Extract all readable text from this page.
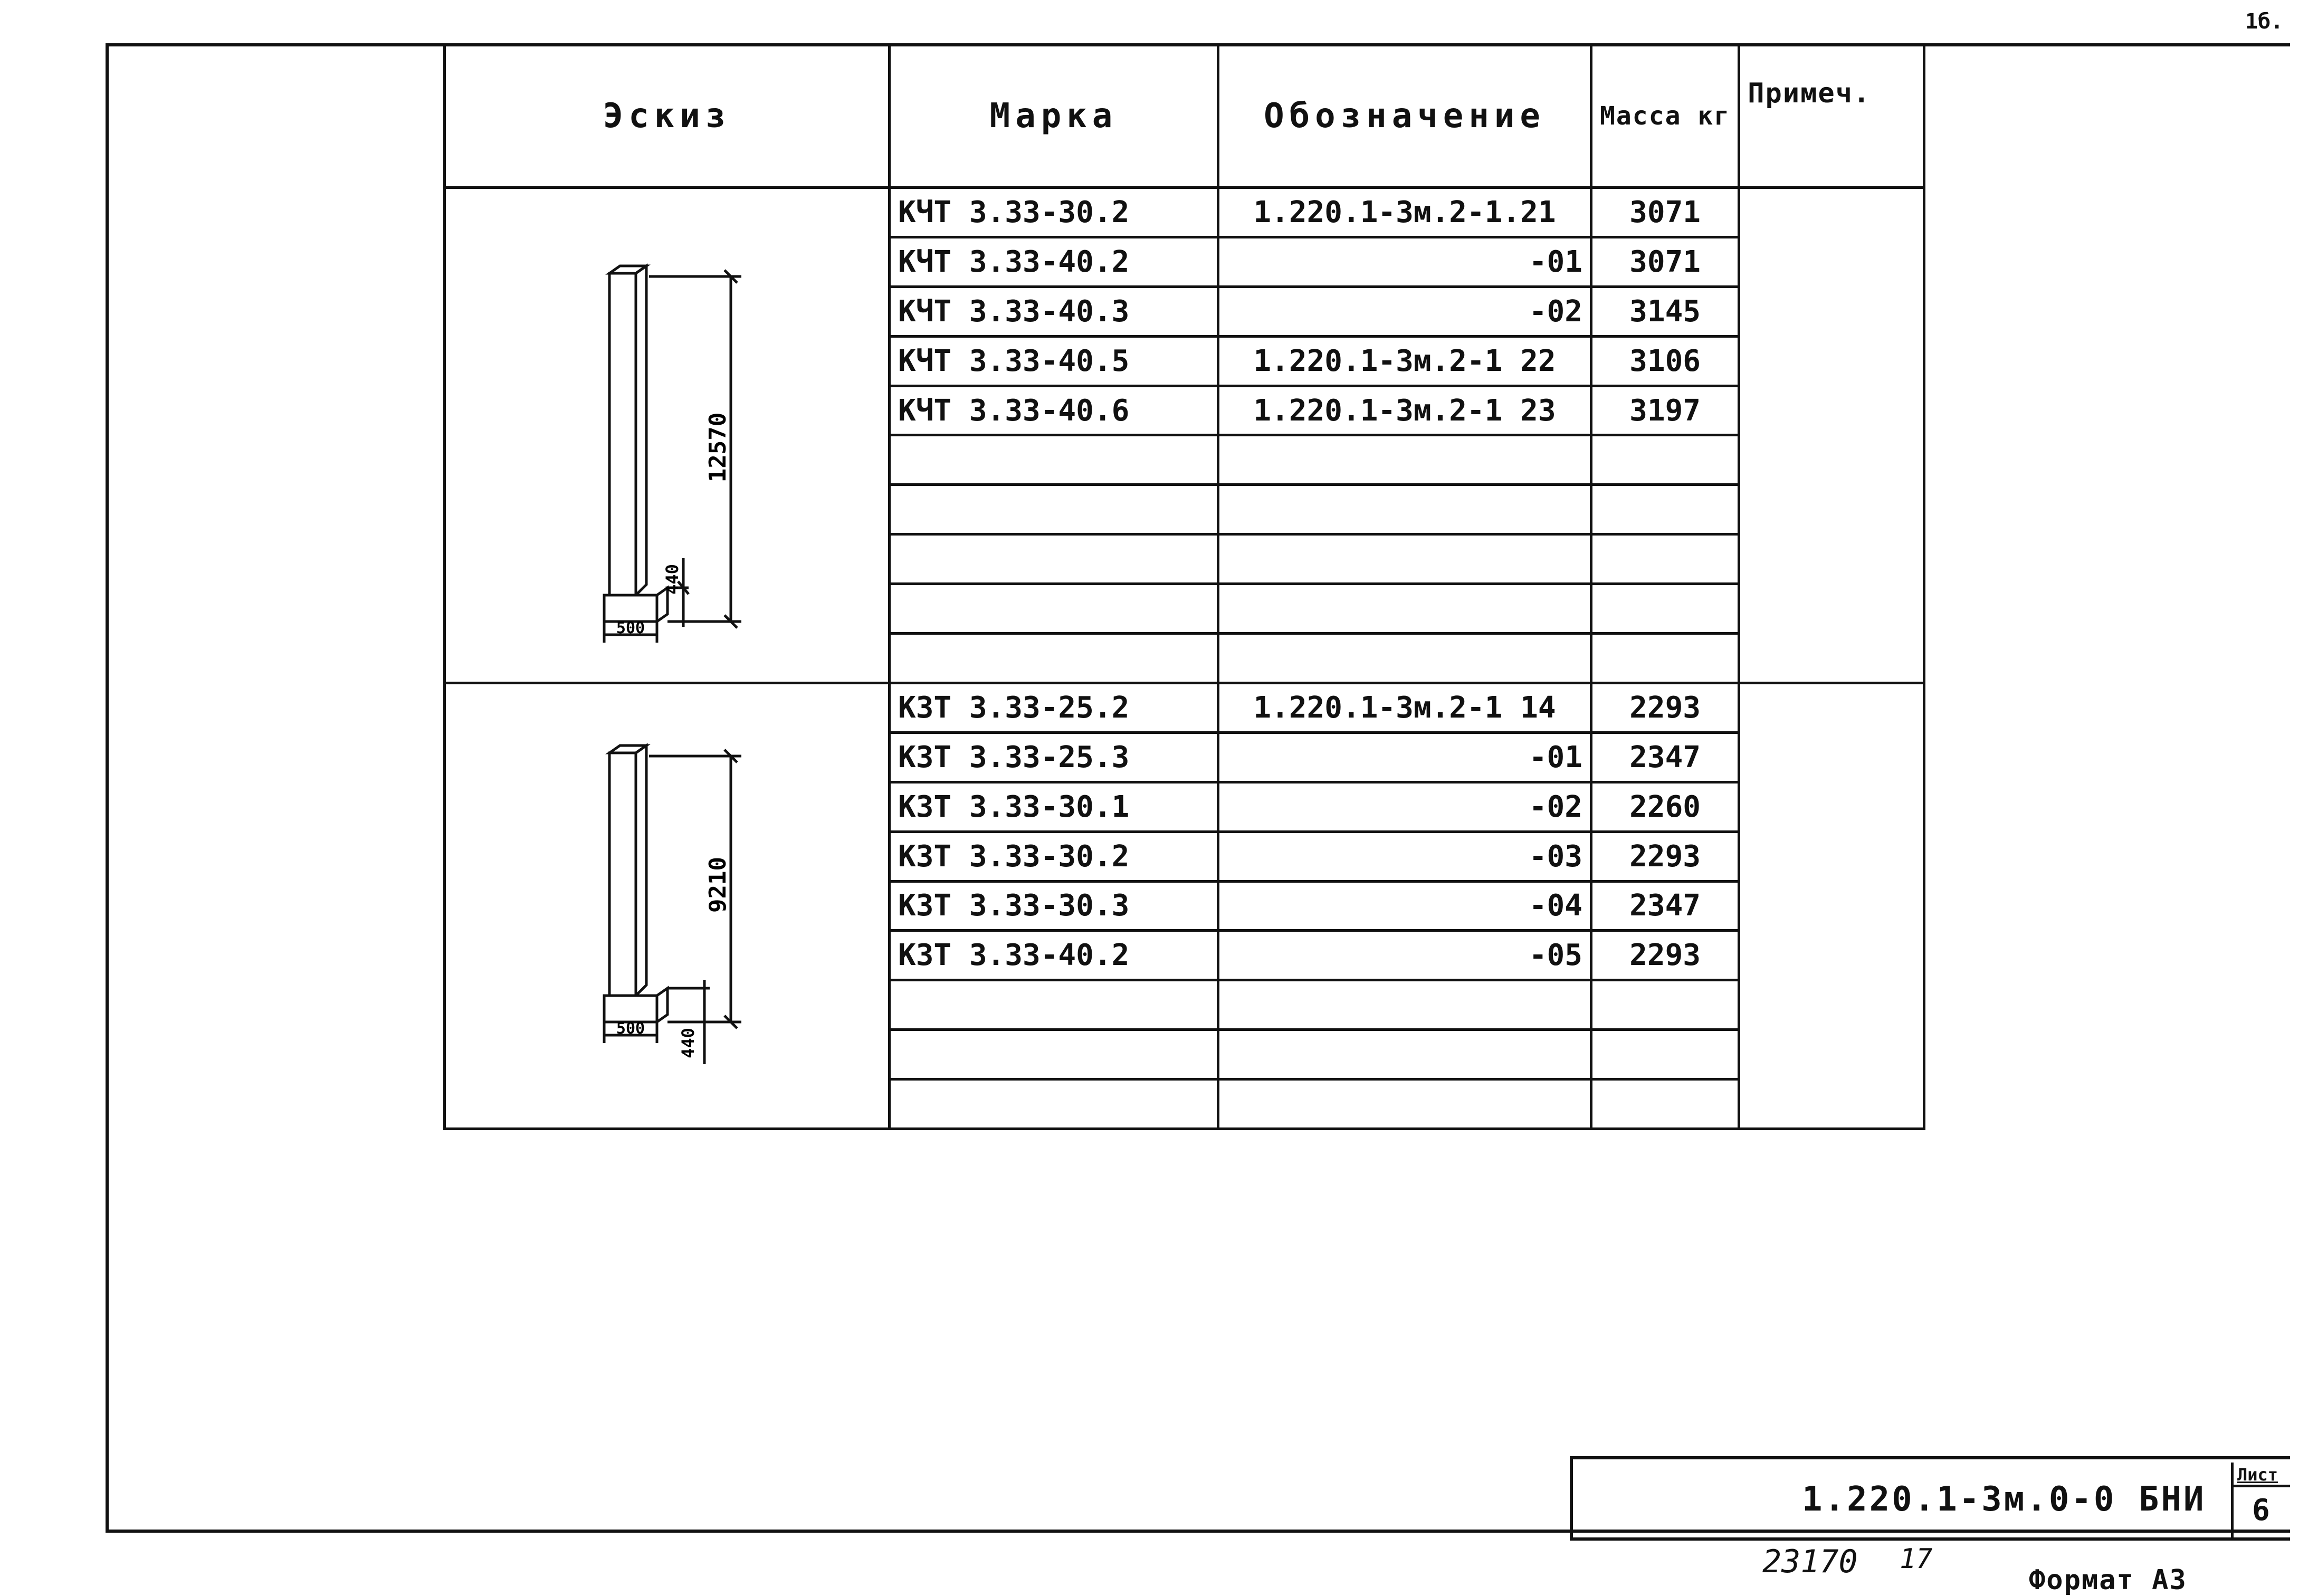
1б.
Эскиз	Марка	Обозначение	Масса кг	Примеч.

12570
440
500	КЧТ 3.33-30.2	1.220.1-3м.2-1.21	3071	
	КЧТ 3.33-40.2	-01	3071	
	КЧТ 3.33-40.3	-02	3145	
	КЧТ 3.33-40.5	1.220.1-3м.2-1 22	3106	
	КЧТ 3.33-40.6	1.220.1-3м.2-1 23	3197	

9210
440
500	КЗТ 3.33-25.2	1.220.1-3м.2-1 14	2293	
	КЗТ 3.33-25.3	-01	2347	
	КЗТ 3.33-30.1	-02	2260	
	КЗТ 3.33-30.2	-03	2293	
	КЗТ 3.33-30.3	-04	2347	
	КЗТ 3.33-40.2	-05	2293	

1.220.1-3м.0-0 БНИ
Лист
6
23170 17
Формат А3
